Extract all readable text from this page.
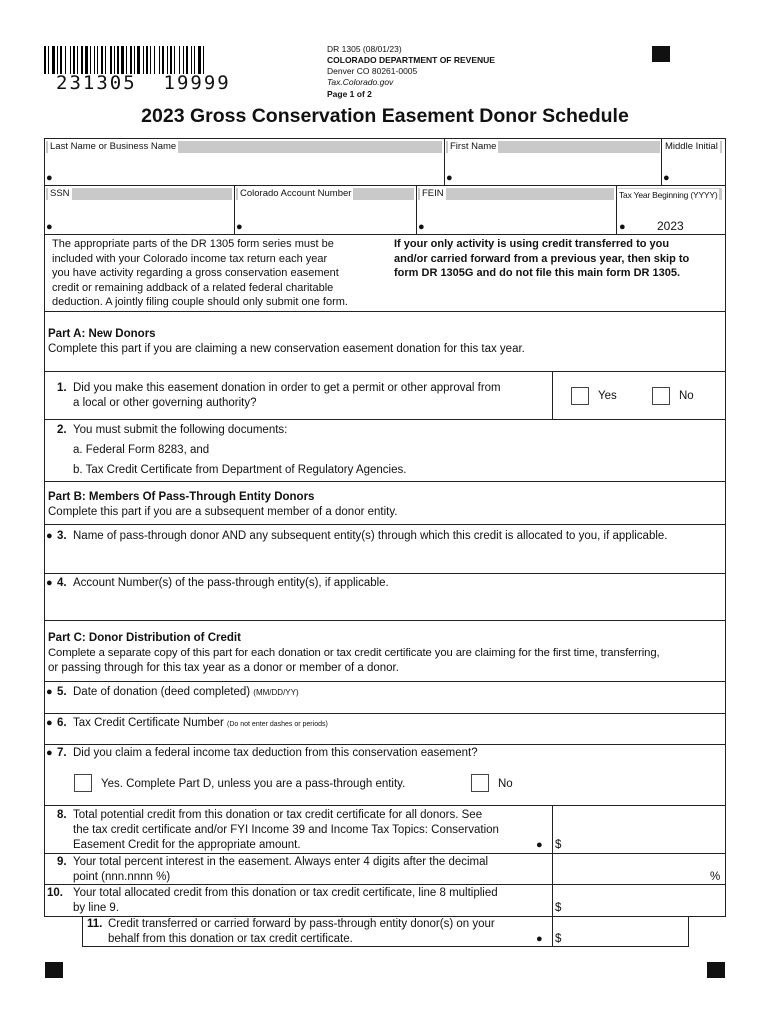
231305  19999
DR 1305 (08/01/23)
COLORADO DEPARTMENT OF REVENUE
Denver CO 80261-0005
Tax.Colorado.gov
Page 1 of 2
2023 Gross Conservation Easement Donor Schedule
Last Name or Business Name	First Name	Middle Initial
●	●	●
SSN	Colorado Account Number	FEIN	Tax Year Beginning (YYYY)
●	●	●	●	2023
The appropriate parts of the DR 1305 form series must be
included with your Colorado income tax return each year
you have activity regarding a gross conservation easement
credit or remaining addback of a related federal charitable
deduction. A jointly filing couple should only submit one form.
If your only activity is using credit transferred to you
and/or carried forward from a previous year, then skip to
form DR 1305G and do not file this main form DR 1305.
Part A: New Donors
Complete this part if you are claiming a new conservation easement donation for this tax year.
1. Did you make this easement donation in order to get a permit or other approval from
a local or other governing authority?
Yes	No
2. You must submit the following documents:
a. Federal Form 8283, and
b. Tax Credit Certificate from Department of Regulatory Agencies.
Part B: Members Of Pass-Through Entity Donors
Complete this part if you are a subsequent member of a donor entity.
● 3. Name of pass-through donor AND any subsequent entity(s) through which this credit is allocated to you, if applicable.
● 4. Account Number(s) of the pass-through entity(s), if applicable.
Part C: Donor Distribution of Credit
Complete a separate copy of this part for each donation or tax credit certificate you are claiming for the first time, transferring,
or passing through for this tax year as a donor or member of a donor.
● 5. Date of donation (deed completed) (MM/DD/YY)
● 6. Tax Credit Certificate Number (Do not enter dashes or periods)
● 7. Did you claim a federal income tax deduction from this conservation easement?
Yes. Complete Part D, unless you are a pass-through entity.	No
8. Total potential credit from this donation or tax credit certificate for all donors. See
the tax credit certificate and/or FYI Income 39 and Income Tax Topics: Conservation
Easement Credit for the appropriate amount.	● $
9. Your total percent interest in the easement. Always enter 4 digits after the decimal
point (nnn.nnnn %)	%
10. Your total allocated credit from this donation or tax credit certificate, line 8 multiplied
by line 9.	$
11. Credit transferred or carried forward by pass-through entity donor(s) on your
behalf from this donation or tax credit certificate.	● $
